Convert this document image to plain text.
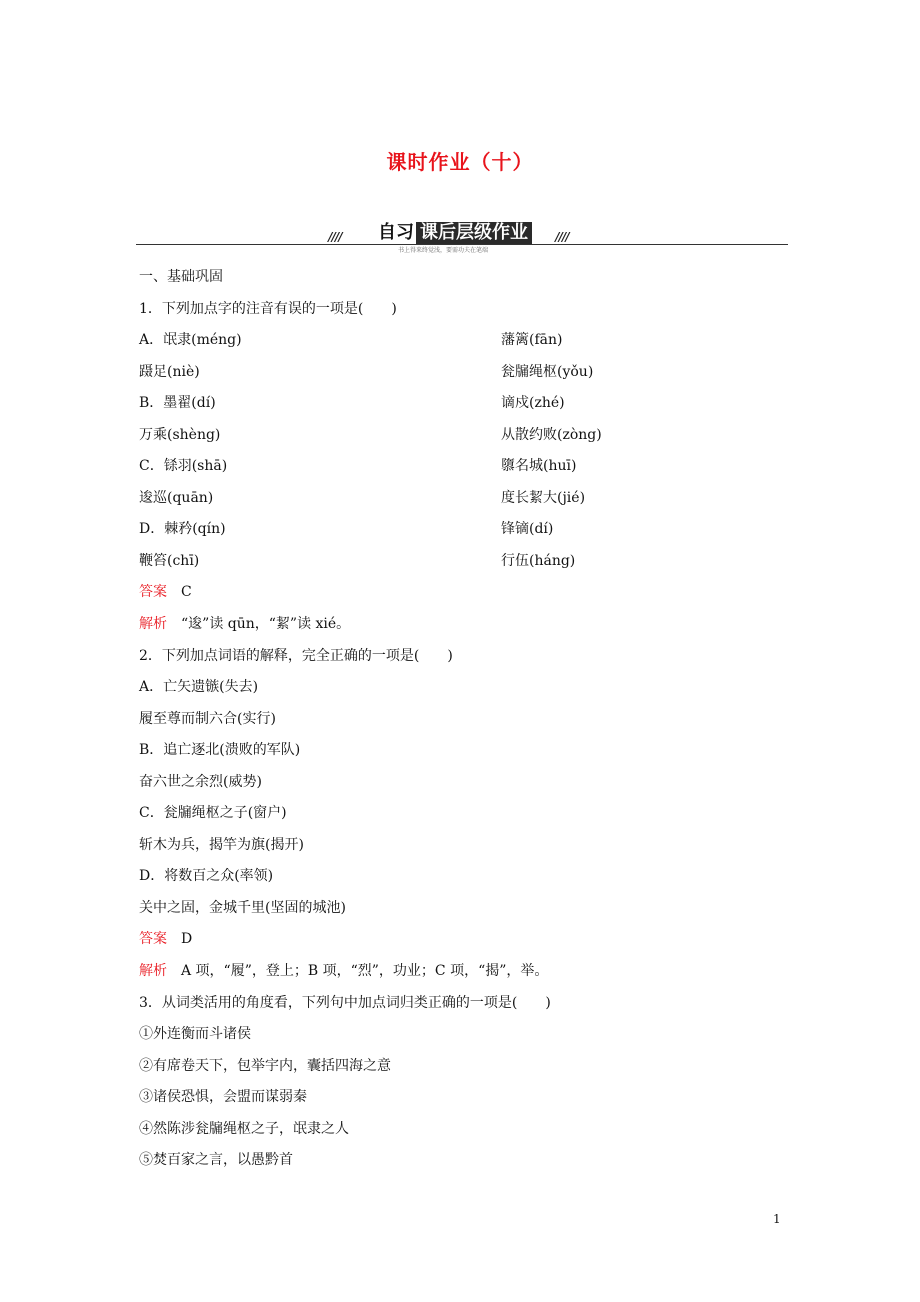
课时作业（十）
//// 自习 课后层级作业	////
书上得来终觉浅，要需功夫在笔端
一、基础巩固
1．下列加点字的注音有误的一项是(　　)
A．氓隶(méng)	藩篱(fān)
蹑足(niè)	瓮牖绳枢(yǒu)
B．墨翟(dí)	谪戍(zhé)
万乘(shèng)	从散约败(zòng)
C．铩羽(shā)	隳名城(huī)
逡巡(quān)	度长絜大(jié)
D．棘矜(qín)	锋镝(dí)
鞭笞(chī)	行伍(háng)
答案　 C
解析　 “逡”读 qūn，“絜”读 xié。
2．下列加点词语的解释，完全正确的一项是(　　)
A．亡矢遗镞(失去)
履至尊而制六合(实行)
B．追亡逐北(溃败的军队)
奋六世之余烈(威势)
C．瓮牖绳枢之子(窗户)
斩木为兵，揭竿为旗(揭开)
D．将数百之众(率领)
关中之固，金城千里(坚固的城池)
答案　 D
解析　 A 项，“履”，登上；B 项，“烈”，功业；C 项，“揭”，举。
3．从词类活用的角度看，下列句中加点词归类正确的一项是(　　)
①外连衡而斗诸侯
②有席卷天下，包举宇内，囊括四海之意
③诸侯恐惧，会盟而谋弱秦
④然陈涉瓮牖绳枢之子，氓隶之人
⑤焚百家之言，以愚黔首
1
